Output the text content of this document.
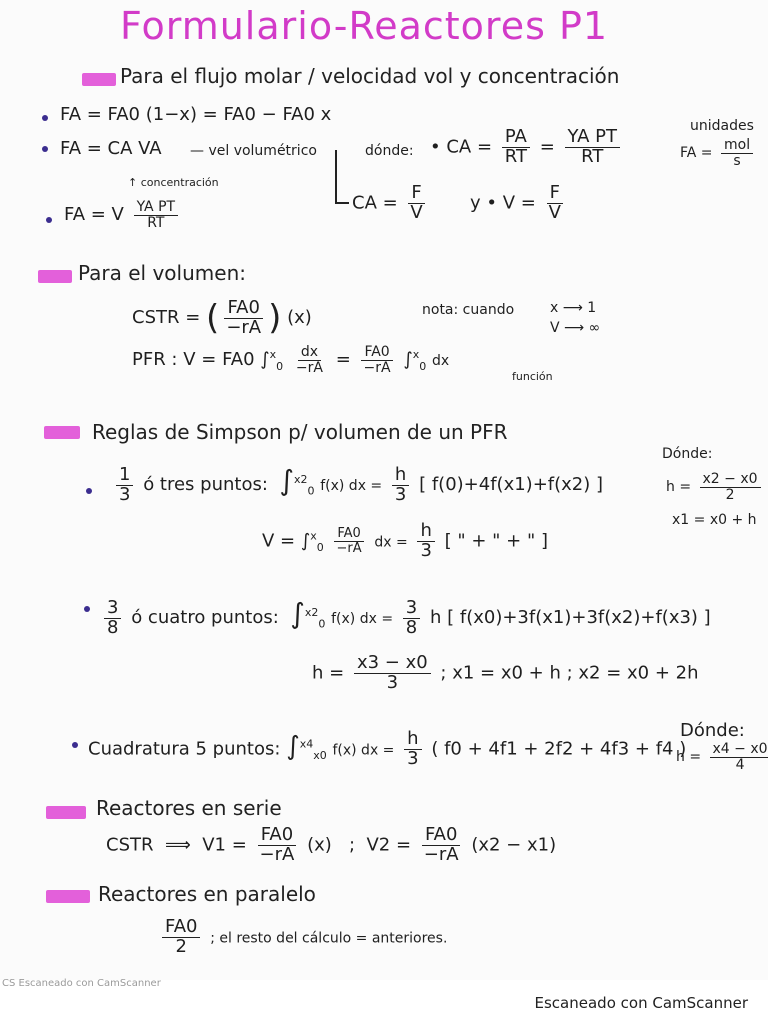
Formulario-Reactores P1
Para el flujo molar / velocidad vol y concentración
FA = FA0 (1−x) = FA0 − FA0 x
FA = CA VA — vel volumétrico
↑ concentración
dónde: • CA = $\frac{PA}{RT} = \frac{\text{YA PT}}{RT}$
CA = $\frac{F}{V}$ y • $V = \frac{F}{V}$
unidades
FA = $\frac{\text{mol}}{s}$
FA = V $\frac{\text{YA PT}}{RT}$
Para el volumen:
CSTR = ( $\frac{FA0}{-rA}$ ) (x)	nota: cuando	x ⟶ 1
V ⟶ ∞
PFR : V = FA0 $\int^x_0 \frac{dx}{-rA} = \frac{FA0}{-rA} \int^x_0$ dx
función
Reglas de Simpson p/ volumen de un PFR
$\frac{1}{3}$ ó tres puntos: ∫$^{x2}_0$ f(x) dx = $\frac{h}{3}$ [ f(0)+4f(x1)+f(x2) ]
$V = \int^x_0 \frac{FA0}{-rA}$ dx = $\frac{h}{3}$ [ " + " + " ]
Dónde:
$h = \frac{x2 - x0}{2}$
x1 = x0 + h
$\frac{3}{8}$ ó cuatro puntos: ∫$^{x2}_0$ f(x) dx = $\frac{3}{8}$ h [ f(x0)+3f(x1)+3f(x2)+f(x3) ]
$h = \frac{x3 - x0}{3}$ ; x1 = x0 + h ; x2 = x0 + 2h
Cuadratura 5 puntos: ∫$^{x4}_{x0}$ f(x) dx = $\frac{h}{3}$ ( f0 + 4f1 + 2f2 + 4f3 + f4 )
Dónde:
$h = \frac{x4 - x0}{4}$
Reactores en serie
CSTR ⟹ $V1 = \frac{FA0}{-rA} (x)$ ; $V2 = \frac{FA0}{-rA} (x2 - x1)$
Reactores en paralelo
$\frac{FA0}{2}$ ; el resto del cálculo = anteriores.
CS Escaneado con CamScanner
Escaneado con CamScanner
